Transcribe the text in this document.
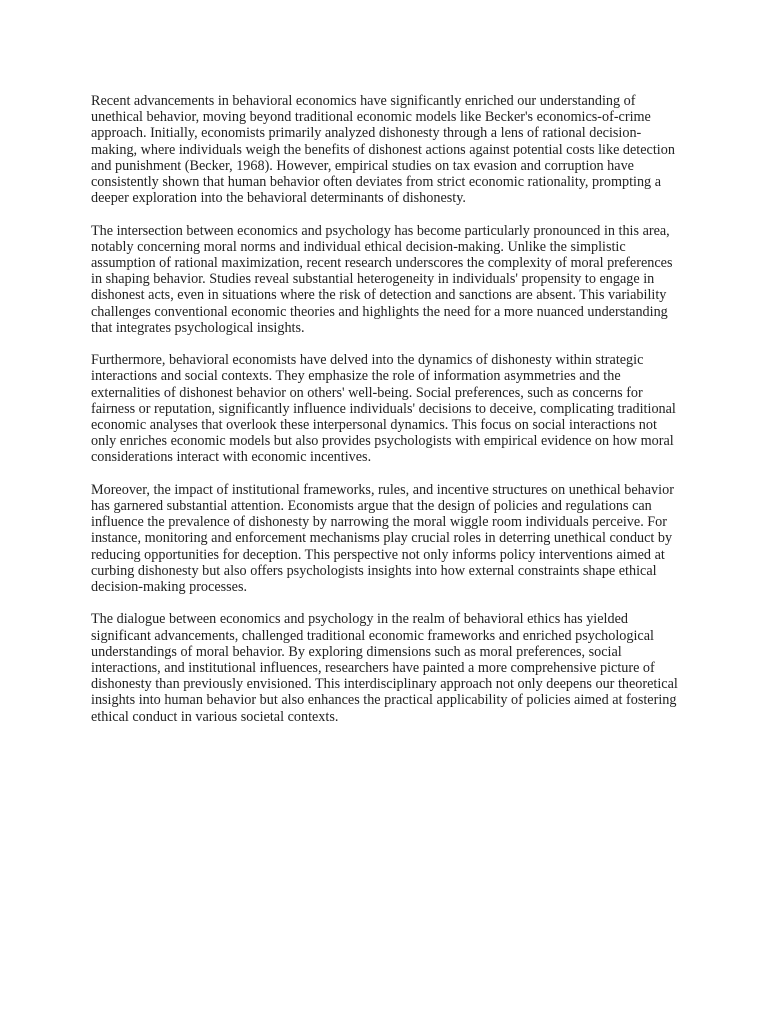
Recent advancements in behavioral economics have significantly enriched our understanding of unethical behavior, moving beyond traditional economic models like Becker's economics-of-crime approach. Initially, economists primarily analyzed dishonesty through a lens of rational decision-making, where individuals weigh the benefits of dishonest actions against potential costs like detection and punishment (Becker, 1968). However, empirical studies on tax evasion and corruption have consistently shown that human behavior often deviates from strict economic rationality, prompting a deeper exploration into the behavioral determinants of dishonesty.

The intersection between economics and psychology has become particularly pronounced in this area, notably concerning moral norms and individual ethical decision-making. Unlike the simplistic assumption of rational maximization, recent research underscores the complexity of moral preferences in shaping behavior. Studies reveal substantial heterogeneity in individuals' propensity to engage in dishonest acts, even in situations where the risk of detection and sanctions are absent. This variability challenges conventional economic theories and highlights the need for a more nuanced understanding that integrates psychological insights.

Furthermore, behavioral economists have delved into the dynamics of dishonesty within strategic interactions and social contexts. They emphasize the role of information asymmetries and the externalities of dishonest behavior on others' well-being. Social preferences, such as concerns for fairness or reputation, significantly influence individuals' decisions to deceive, complicating traditional economic analyses that overlook these interpersonal dynamics. This focus on social interactions not only enriches economic models but also provides psychologists with empirical evidence on how moral considerations interact with economic incentives.

Moreover, the impact of institutional frameworks, rules, and incentive structures on unethical behavior has garnered substantial attention. Economists argue that the design of policies and regulations can influence the prevalence of dishonesty by narrowing the moral wiggle room individuals perceive. For instance, monitoring and enforcement mechanisms play crucial roles in deterring unethical conduct by reducing opportunities for deception. This perspective not only informs policy interventions aimed at curbing dishonesty but also offers psychologists insights into how external constraints shape ethical decision-making processes.

The dialogue between economics and psychology in the realm of behavioral ethics has yielded significant advancements, challenged traditional economic frameworks and enriched psychological understandings of moral behavior. By exploring dimensions such as moral preferences, social interactions, and institutional influences, researchers have painted a more comprehensive picture of dishonesty than previously envisioned. This interdisciplinary approach not only deepens our theoretical insights into human behavior but also enhances the practical applicability of policies aimed at fostering ethical conduct in various societal contexts.
